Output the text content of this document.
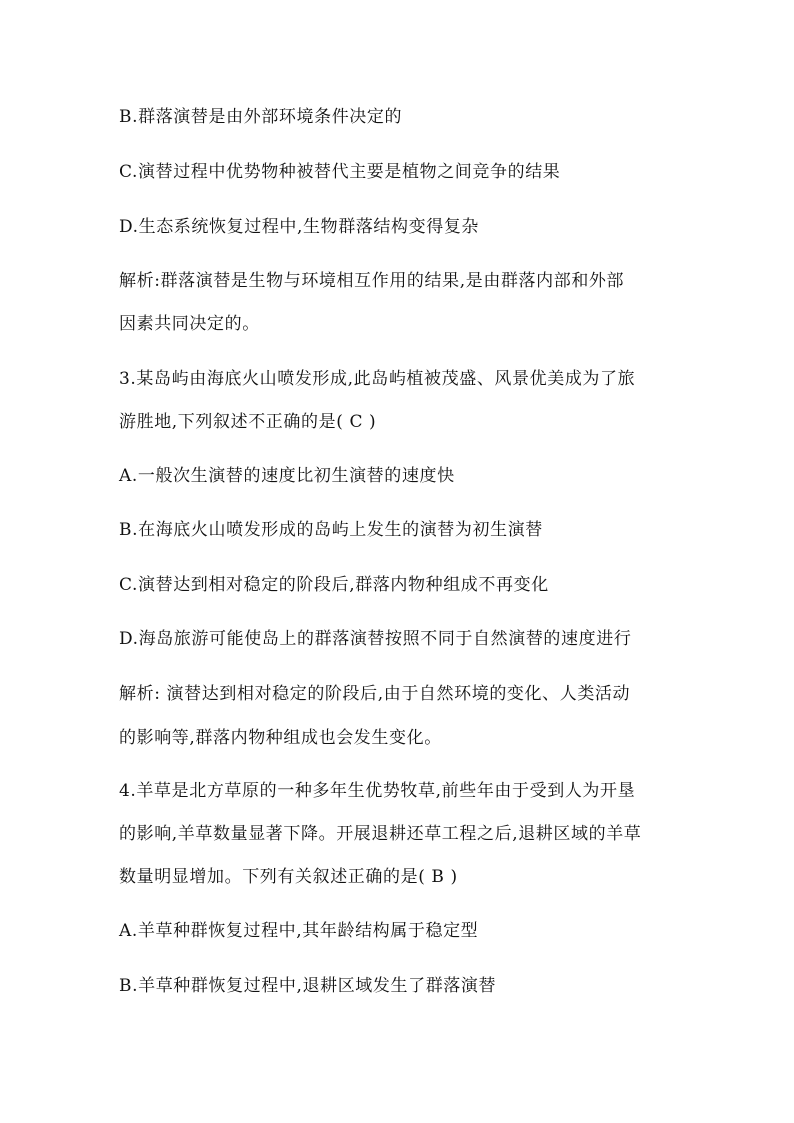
B.群落演替是由外部环境条件决定的
C.演替过程中优势物种被替代主要是植物之间竞争的结果
D.生态系统恢复过程中,生物群落结构变得复杂
解析:群落演替是生物与环境相互作用的结果,是由群落内部和外部
因素共同决定的。
3.某岛屿由海底火山喷发形成,此岛屿植被茂盛、风景优美成为了旅
游胜地,下列叙述不正确的是( C )
A.一般次生演替的速度比初生演替的速度快
B.在海底火山喷发形成的岛屿上发生的演替为初生演替
C.演替达到相对稳定的阶段后,群落内物种组成不再变化
D.海岛旅游可能使岛上的群落演替按照不同于自然演替的速度进行
解析: 演替达到相对稳定的阶段后,由于自然环境的变化、人类活动
的影响等,群落内物种组成也会发生变化。
4.羊草是北方草原的一种多年生优势牧草,前些年由于受到人为开垦
的影响,羊草数量显著下降。开展退耕还草工程之后,退耕区域的羊草
数量明显增加。下列有关叙述正确的是( B )
A.羊草种群恢复过程中,其年龄结构属于稳定型
B.羊草种群恢复过程中,退耕区域发生了群落演替
